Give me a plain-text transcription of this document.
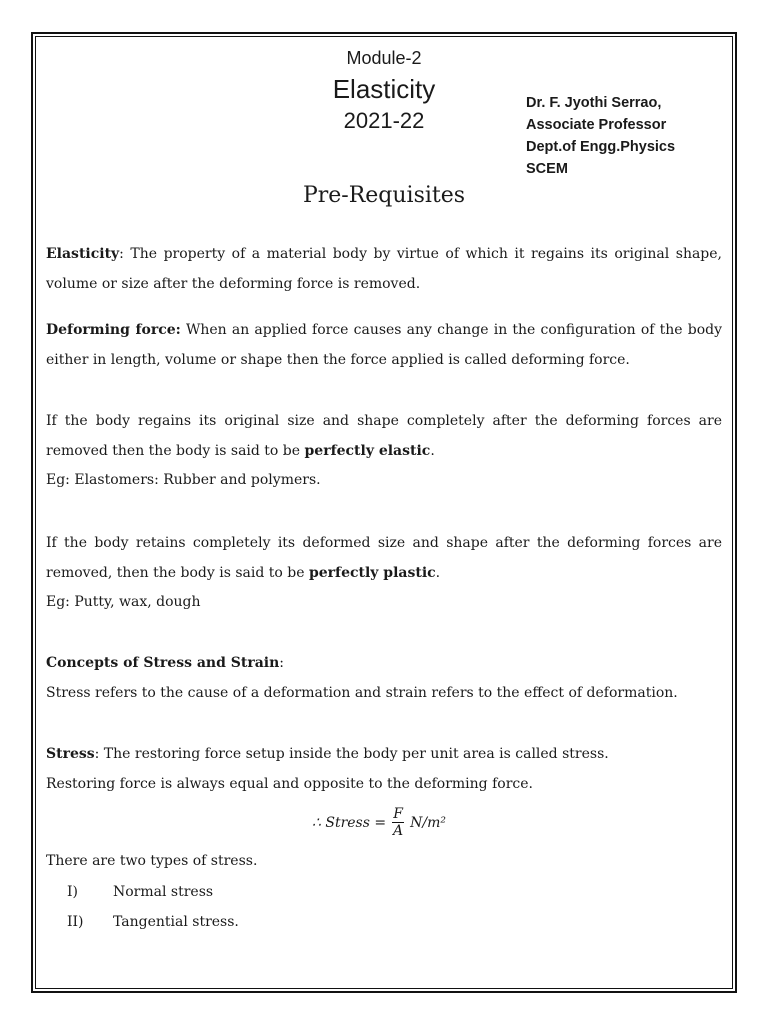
Module-2
Elasticity
2021-22
Dr. F. Jyothi Serrao,
Associate Professor
Dept.of Engg.Physics
SCEM
Pre-Requisites
Elasticity: The property of a material body by virtue of which it regains its original shape, volume or size after the deforming force is removed.
Deforming force: When an applied force causes any change in the configuration of the body either in length, volume or shape then the force applied is called deforming force.
If the body regains its original size and shape completely after the deforming forces are removed then the body is said to be perfectly elastic.
Eg: Elastomers: Rubber and polymers.
If the body retains completely its deformed size and shape after the deforming forces are removed, then the body is said to be perfectly plastic.
Eg: Putty, wax, dough
Concepts of Stress and Strain:
Stress refers to the cause of a deformation and strain refers to the effect of deformation.
Stress: The restoring force setup inside the body per unit area is called stress.
Restoring force is always equal and opposite to the deforming force.
∴ Stress = $\frac{F}{A} N/m^2$
There are two types of stress.
I)	Normal stress
II) Tangential stress.
